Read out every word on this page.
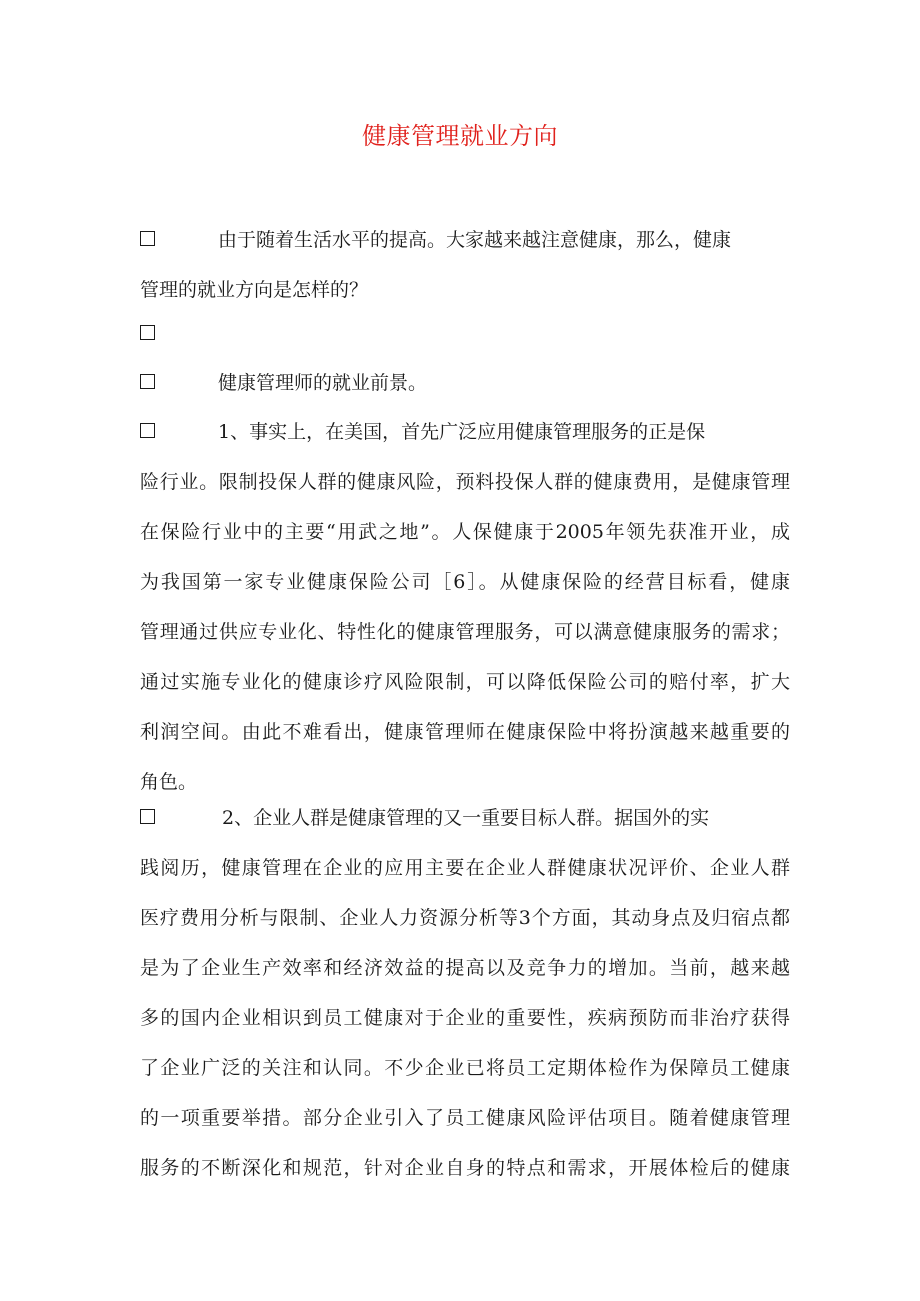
健康管理就业方向
由于随着生活水平的提高。大家越来越注意健康，那么，健康
管理的就业方向是怎样的？
健康管理师的就业前景。
1、事实上，在美国，首先广泛应用健康管理服务的正是保
险行业。限制投保人群的健康风险，预料投保人群的健康费用，是健康管理
在保险行业中的主要“用武之地”。人保健康于2005年领先获准开业，成
为我国第一家专业健康保险公司［6］。从健康保险的经营目标看，健康
管理通过供应专业化、特性化的健康管理服务，可以满意健康服务的需求；
通过实施专业化的健康诊疗风险限制，可以降低保险公司的赔付率，扩大
利润空间。由此不难看出，健康管理师在健康保险中将扮演越来越重要的
角色。
2、企业人群是健康管理的又一重要目标人群。据国外的实
践阅历，健康管理在企业的应用主要在企业人群健康状况评价、企业人群
医疗费用分析与限制、企业人力资源分析等3个方面，其动身点及归宿点都
是为了企业生产效率和经济效益的提高以及竞争力的增加。当前，越来越
多的国内企业相识到员工健康对于企业的重要性，疾病预防而非治疗获得
了企业广泛的关注和认同。不少企业已将员工定期体检作为保障员工健康
的一项重要举措。部分企业引入了员工健康风险评估项目。随着健康管理
服务的不断深化和规范，针对企业自身的特点和需求，开展体检后的健康
